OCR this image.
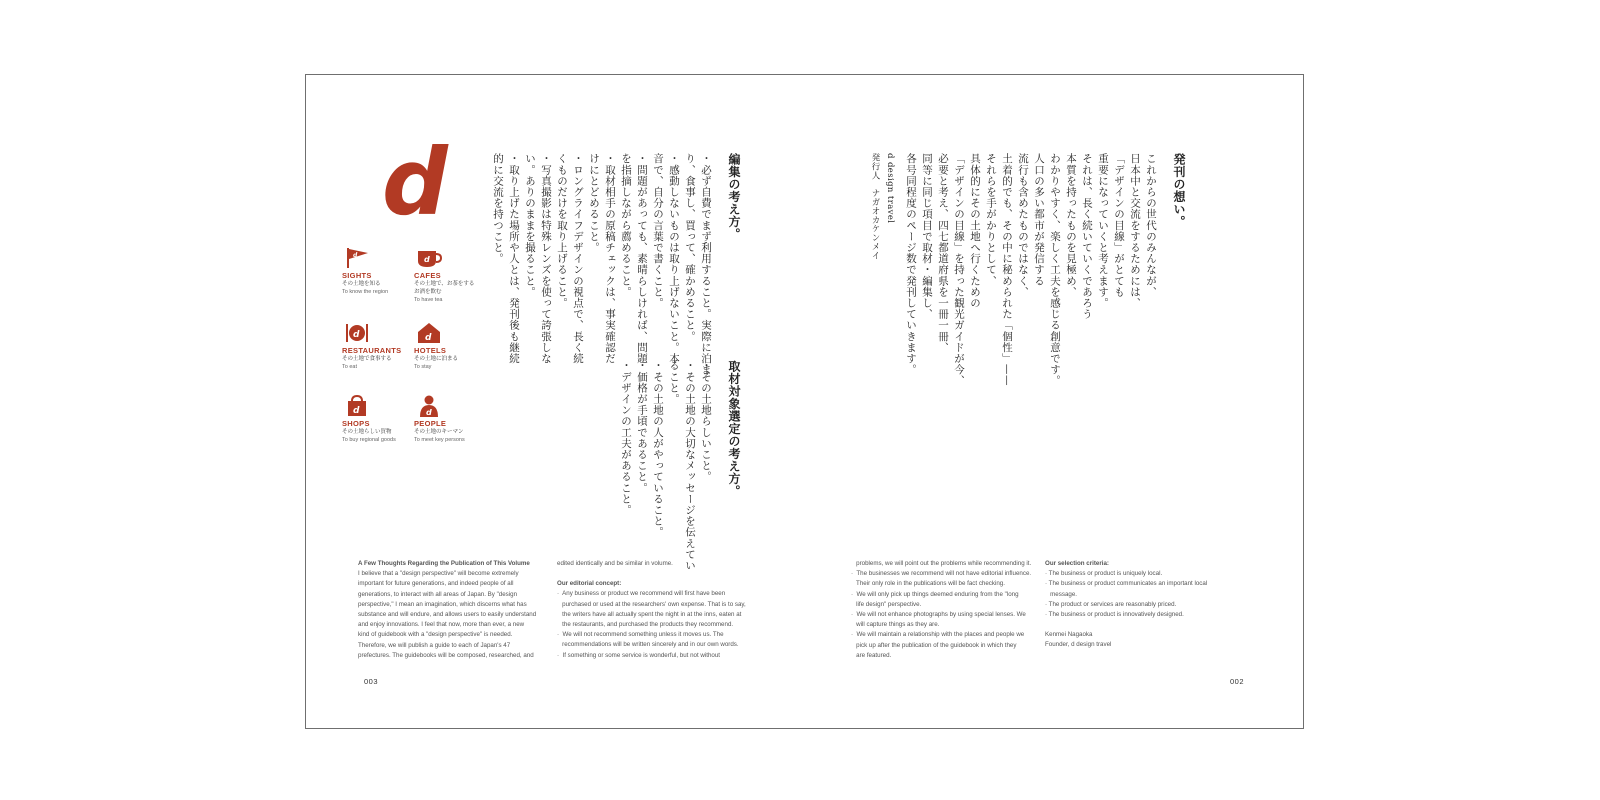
d
d
SIGHTS
その土地を知る
To know the region
d
CAFES
その土地で、お茶をする
お酒を飲む
To have tea
d
RESTAURANTS
その土地で食事する
To eat
d
HOTELS
その土地に泊まる
To stay
d
SHOPS
その土地らしい買物
To buy regional goods
d
PEOPLE
その土地のキーマン
To meet key persons
発刊の想い。
これからの世代のみんなが、
日本中と交流をするためには、
「デザインの目線」がとても
重要になっていくと考えます。
それは、長く続いていくであろう
本質を持ったものを見極め、
わかりやすく、楽しく工夫を感じる創意です。
人口の多い都市が発信する
流行も含めたものではなく、
土着的でも、その中に秘められた「個性」——
それらを手がかりとして、
具体的にその土地へ行くための
「デザインの目線」を持った観光ガイドが今、
必要と考え、四七都道府県を一冊一冊、
同等に同じ項目で取材・編集し、
各号同程度のページ数で発刊していきます。
d design travel
発行人　ナガオカケンメイ
編集の考え方。
・必ず自費でまず利用すること。実際に泊ま
り、食事し、買って、確かめること。
・感動しないものは取り上げないこと。本
音で、自分の言葉で書くこと。
・問題があっても、素晴らしければ、問題
を指摘しながら薦めること。
・取材相手の原稿チェックは、事実確認だ
けにとどめること。
・ロングライフデザインの視点で、長く続
くものだけを取り上げること。
・写真撮影は特殊レンズを使って誇張しな
い。ありのままを撮ること。
・取り上げた場所や人とは、発刊後も継続
的に交流を持つこと。
取材対象選定の考え方。
・その土地らしいこと。
・その土地の大切なメッセージを伝えてい
ること。
・その土地の人がやっていること。
・価格が手頃であること。
・デザインの工夫があること。
A Few Thoughts Regarding the Publication of This Volume
I believe that a "design perspective" will become extremely
important for future generations, and indeed people of all
generations, to interact with all areas of Japan. By "design
perspective," I mean an imagination, which discerns what has
substance and will endure, and allows users to easily understand
and enjoy innovations. I feel that now, more than ever, a new
kind of guidebook with a "design perspective" is needed.
Therefore, we will publish a guide to each of Japan's 47
prefectures. The guidebooks will be composed, researched, and
edited identically and be similar in volume.
Our editorial concept:
·  Any business or product we recommend will first have been
purchased or used at the researchers' own expense. That is to say,
the writers have all actually spent the night in at the inns, eaten at
the restaurants, and purchased the products they recommend.
·  We will not recommend something unless it moves us. The
recommendations will be written sincerely and in our own words.
·  If something or some service is wonderful, but not without
problems, we will point out the problems while recommending it.
·  The businesses we recommend will not have editorial influence.
Their only role in the publications will be fact checking.
·  We will only pick up things deemed enduring from the "long
life design" perspective.
·  We will not enhance photographs by using special lenses. We
will capture things as they are.
·  We will maintain a relationship with the places and people we
pick up after the publication of the guidebook in which they
are featured.
Our selection criteria:
· The business or product is uniquely local.
· The business or product communicates an important local
message.
· The product or services are reasonably priced.
· The business or product is innovatively designed.
Kenmei Nagaoka
Founder, d design travel
003	002
